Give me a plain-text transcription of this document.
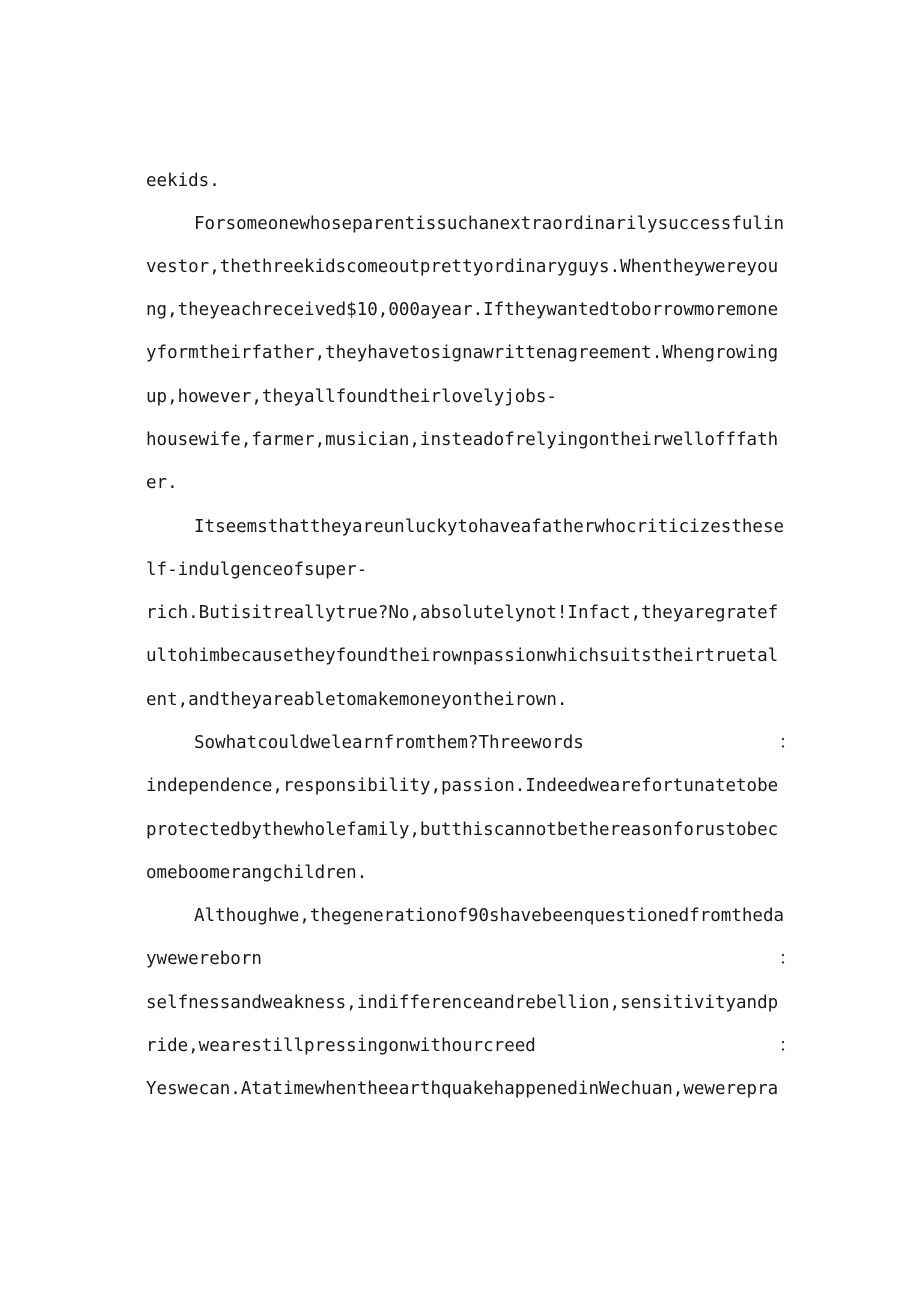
eekids.
Forsomeonewhoseparentissuchanextraordinarilysuccessfulin
vestor,thethreekidscomeoutprettyordinaryguys.Whentheywereyou
ng,theyeachreceived$10,000ayear.Iftheywantedtoborrowmoremone
yformtheirfather,theyhavetosignawrittenagreement.Whengrowing
up,however,theyallfoundtheirlovelyjobs-
housewife,farmer,musician,insteadofrelyingontheirwellofffath
er.
Itseemsthattheyareunluckytohaveafatherwhocriticizesthese
lf-indulgenceofsuper-
rich.Butisitreallytrue?No,absolutelynot!Infact,theyaregratef
ultohimbecausetheyfoundtheirownpassionwhichsuitstheirtruetal
ent,andtheyareabletomakemoneyontheirown.
Sowhatcouldwelearnfromthem?Threewords	：
independence,responsibility,passion.Indeedwearefortunatetobe
protectedbythewholefamily,butthiscannotbethereasonforustobec
omeboomerangchildren.
Althoughwe,thegenerationof90shavebeenquestionedfromtheda
ywewereborn	：
selfnessandweakness,indifferenceandrebellion,sensitivityandp
ride,wearestillpressingonwithourcreed	：
Yeswecan.AtatimewhentheearthquakehappenedinWechuan,wewerepra
